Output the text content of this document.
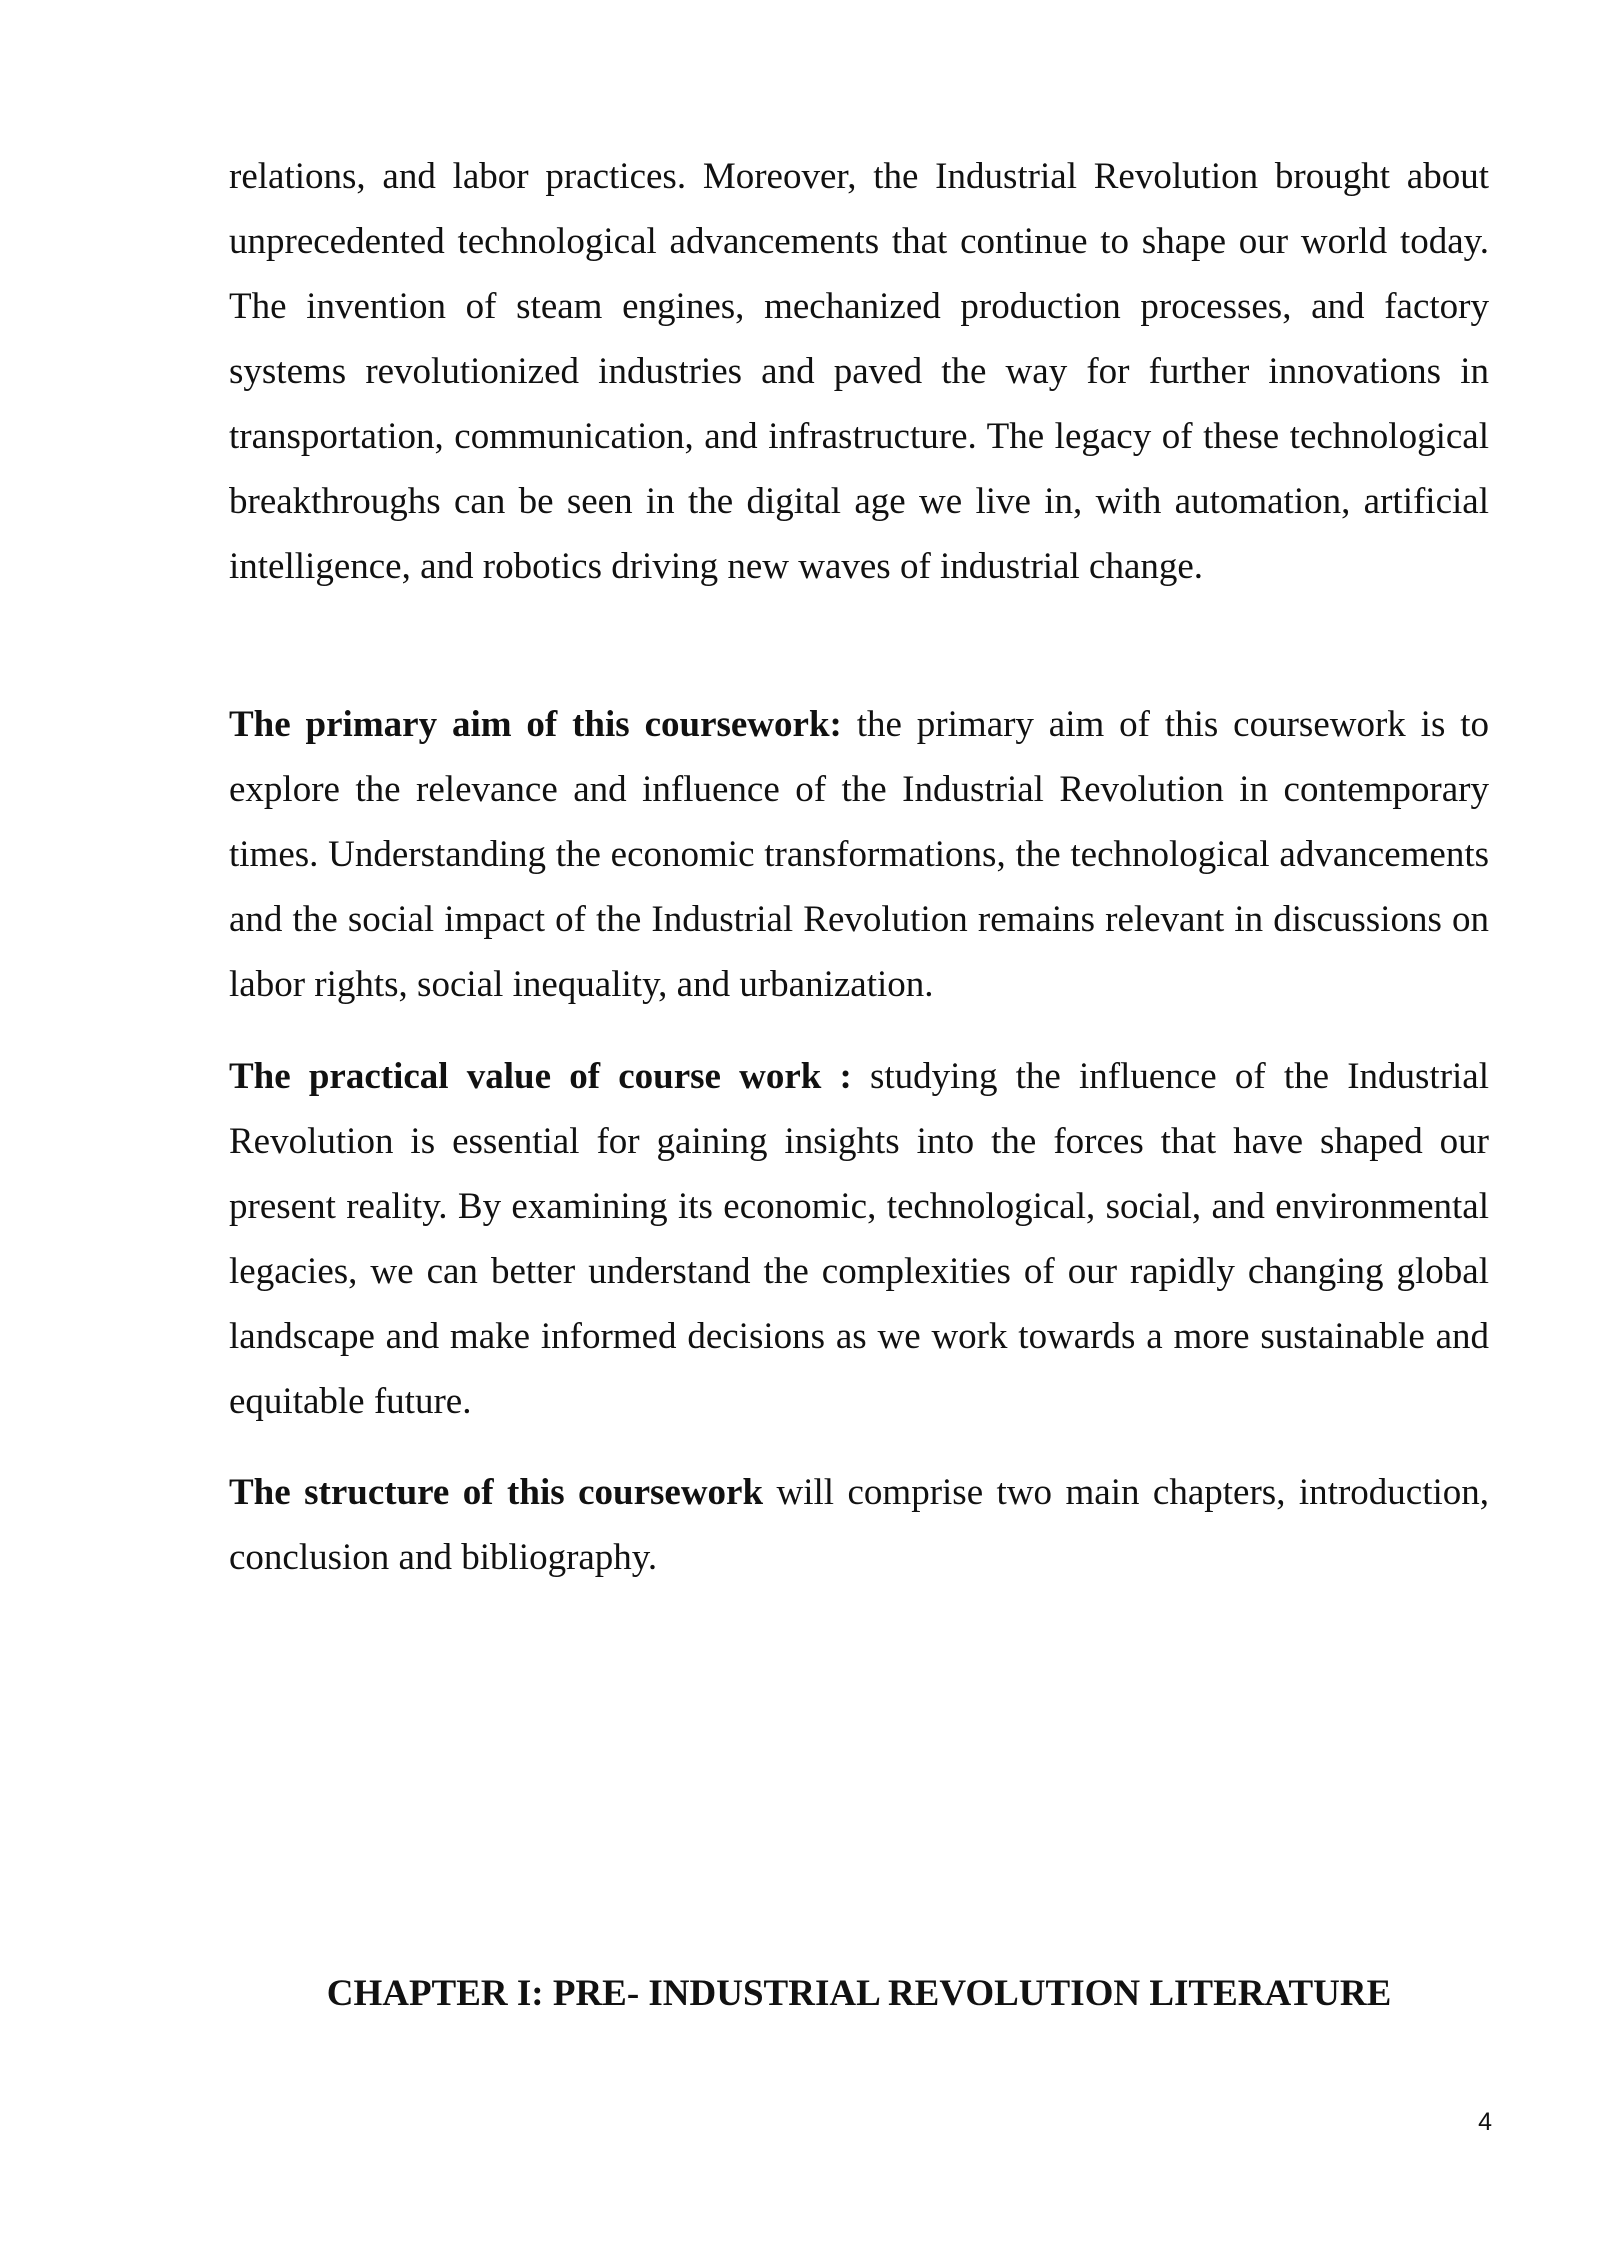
relations, and labor practices. Moreover, the Industrial Revolution brought about unprecedented technological advancements that continue to shape our world today. The invention of steam engines, mechanized production processes, and factory systems revolutionized industries and paved the way for further innovations in transportation, communication, and infrastructure. The legacy of these technological breakthroughs can be seen in the digital age we live in, with automation, artificial intelligence, and robotics driving new waves of industrial change.

The primary aim of this coursework: the primary aim of this coursework is to explore the relevance and influence of the Industrial Revolution in contemporary times. Understanding the economic transformations, the technological advancements and the social impact of the Industrial Revolution remains relevant in discussions on labor rights, social inequality, and urbanization.

The practical value of course work : studying the influence of the Industrial Revolution is essential for gaining insights into the forces that have shaped our present reality. By examining its economic, technological, social, and environmental legacies, we can better understand the complexities of our rapidly changing global landscape and make informed decisions as we work towards a more sustainable and equitable future.

The structure of this coursework will comprise two main chapters, introduction, conclusion and bibliography.

CHAPTER I: PRE- INDUSTRIAL REVOLUTION LITERATURE
4
